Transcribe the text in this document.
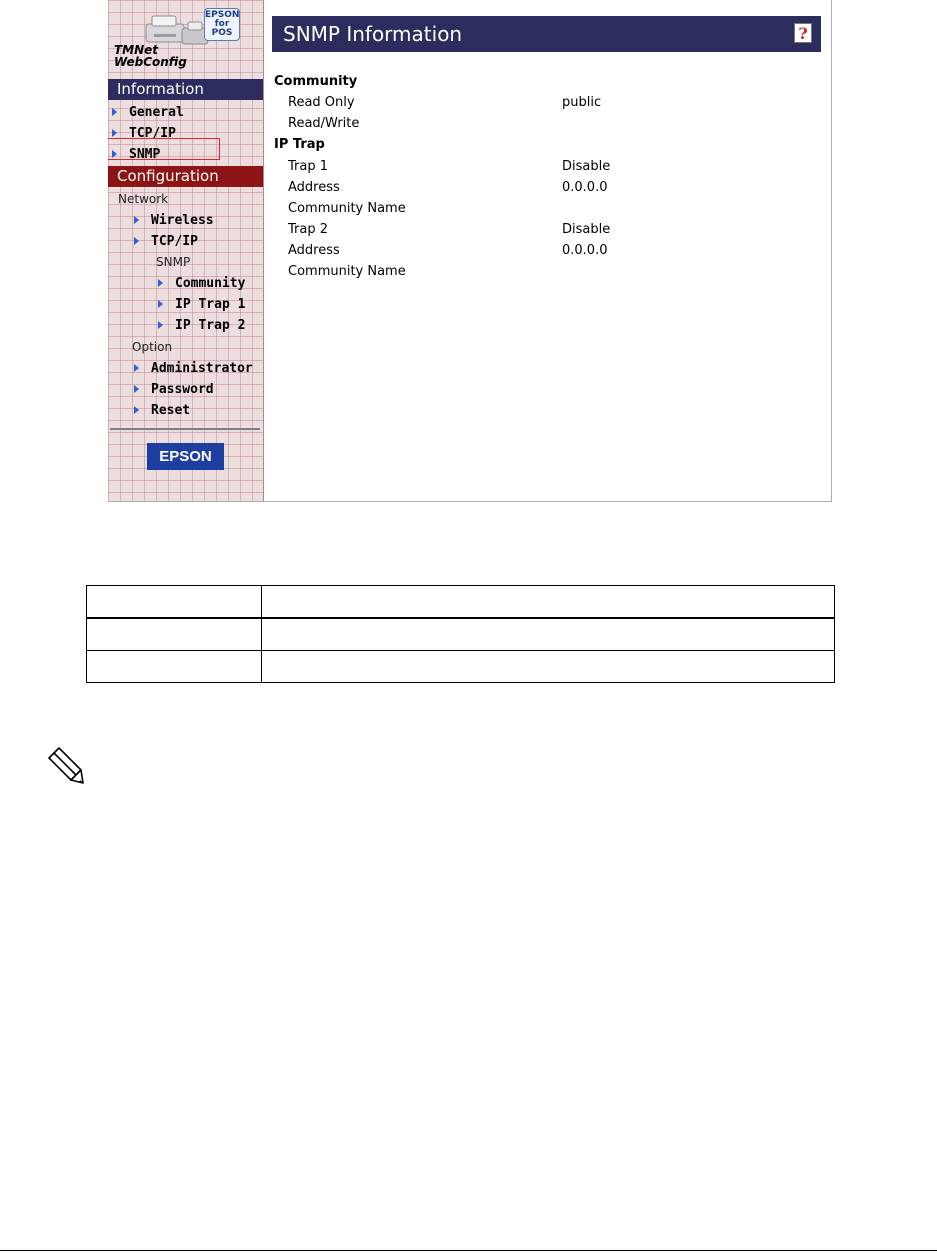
EPSON
for
POS
TMNet
WebConfig
Information
General
TCP/IP
SNMP
Configuration
Network
Wireless
TCP/IP
SNMP
Community
IP Trap 1
IP Trap 2
Option
Administrator
Password
Reset
EPSON
SNMP Information	?
Community
Read Only	public
Read/Write
IP Trap
Trap 1	Disable
Address	0.0.0.0
Community Name
Trap 2	Disable
Address	0.0.0.0
Community Name
